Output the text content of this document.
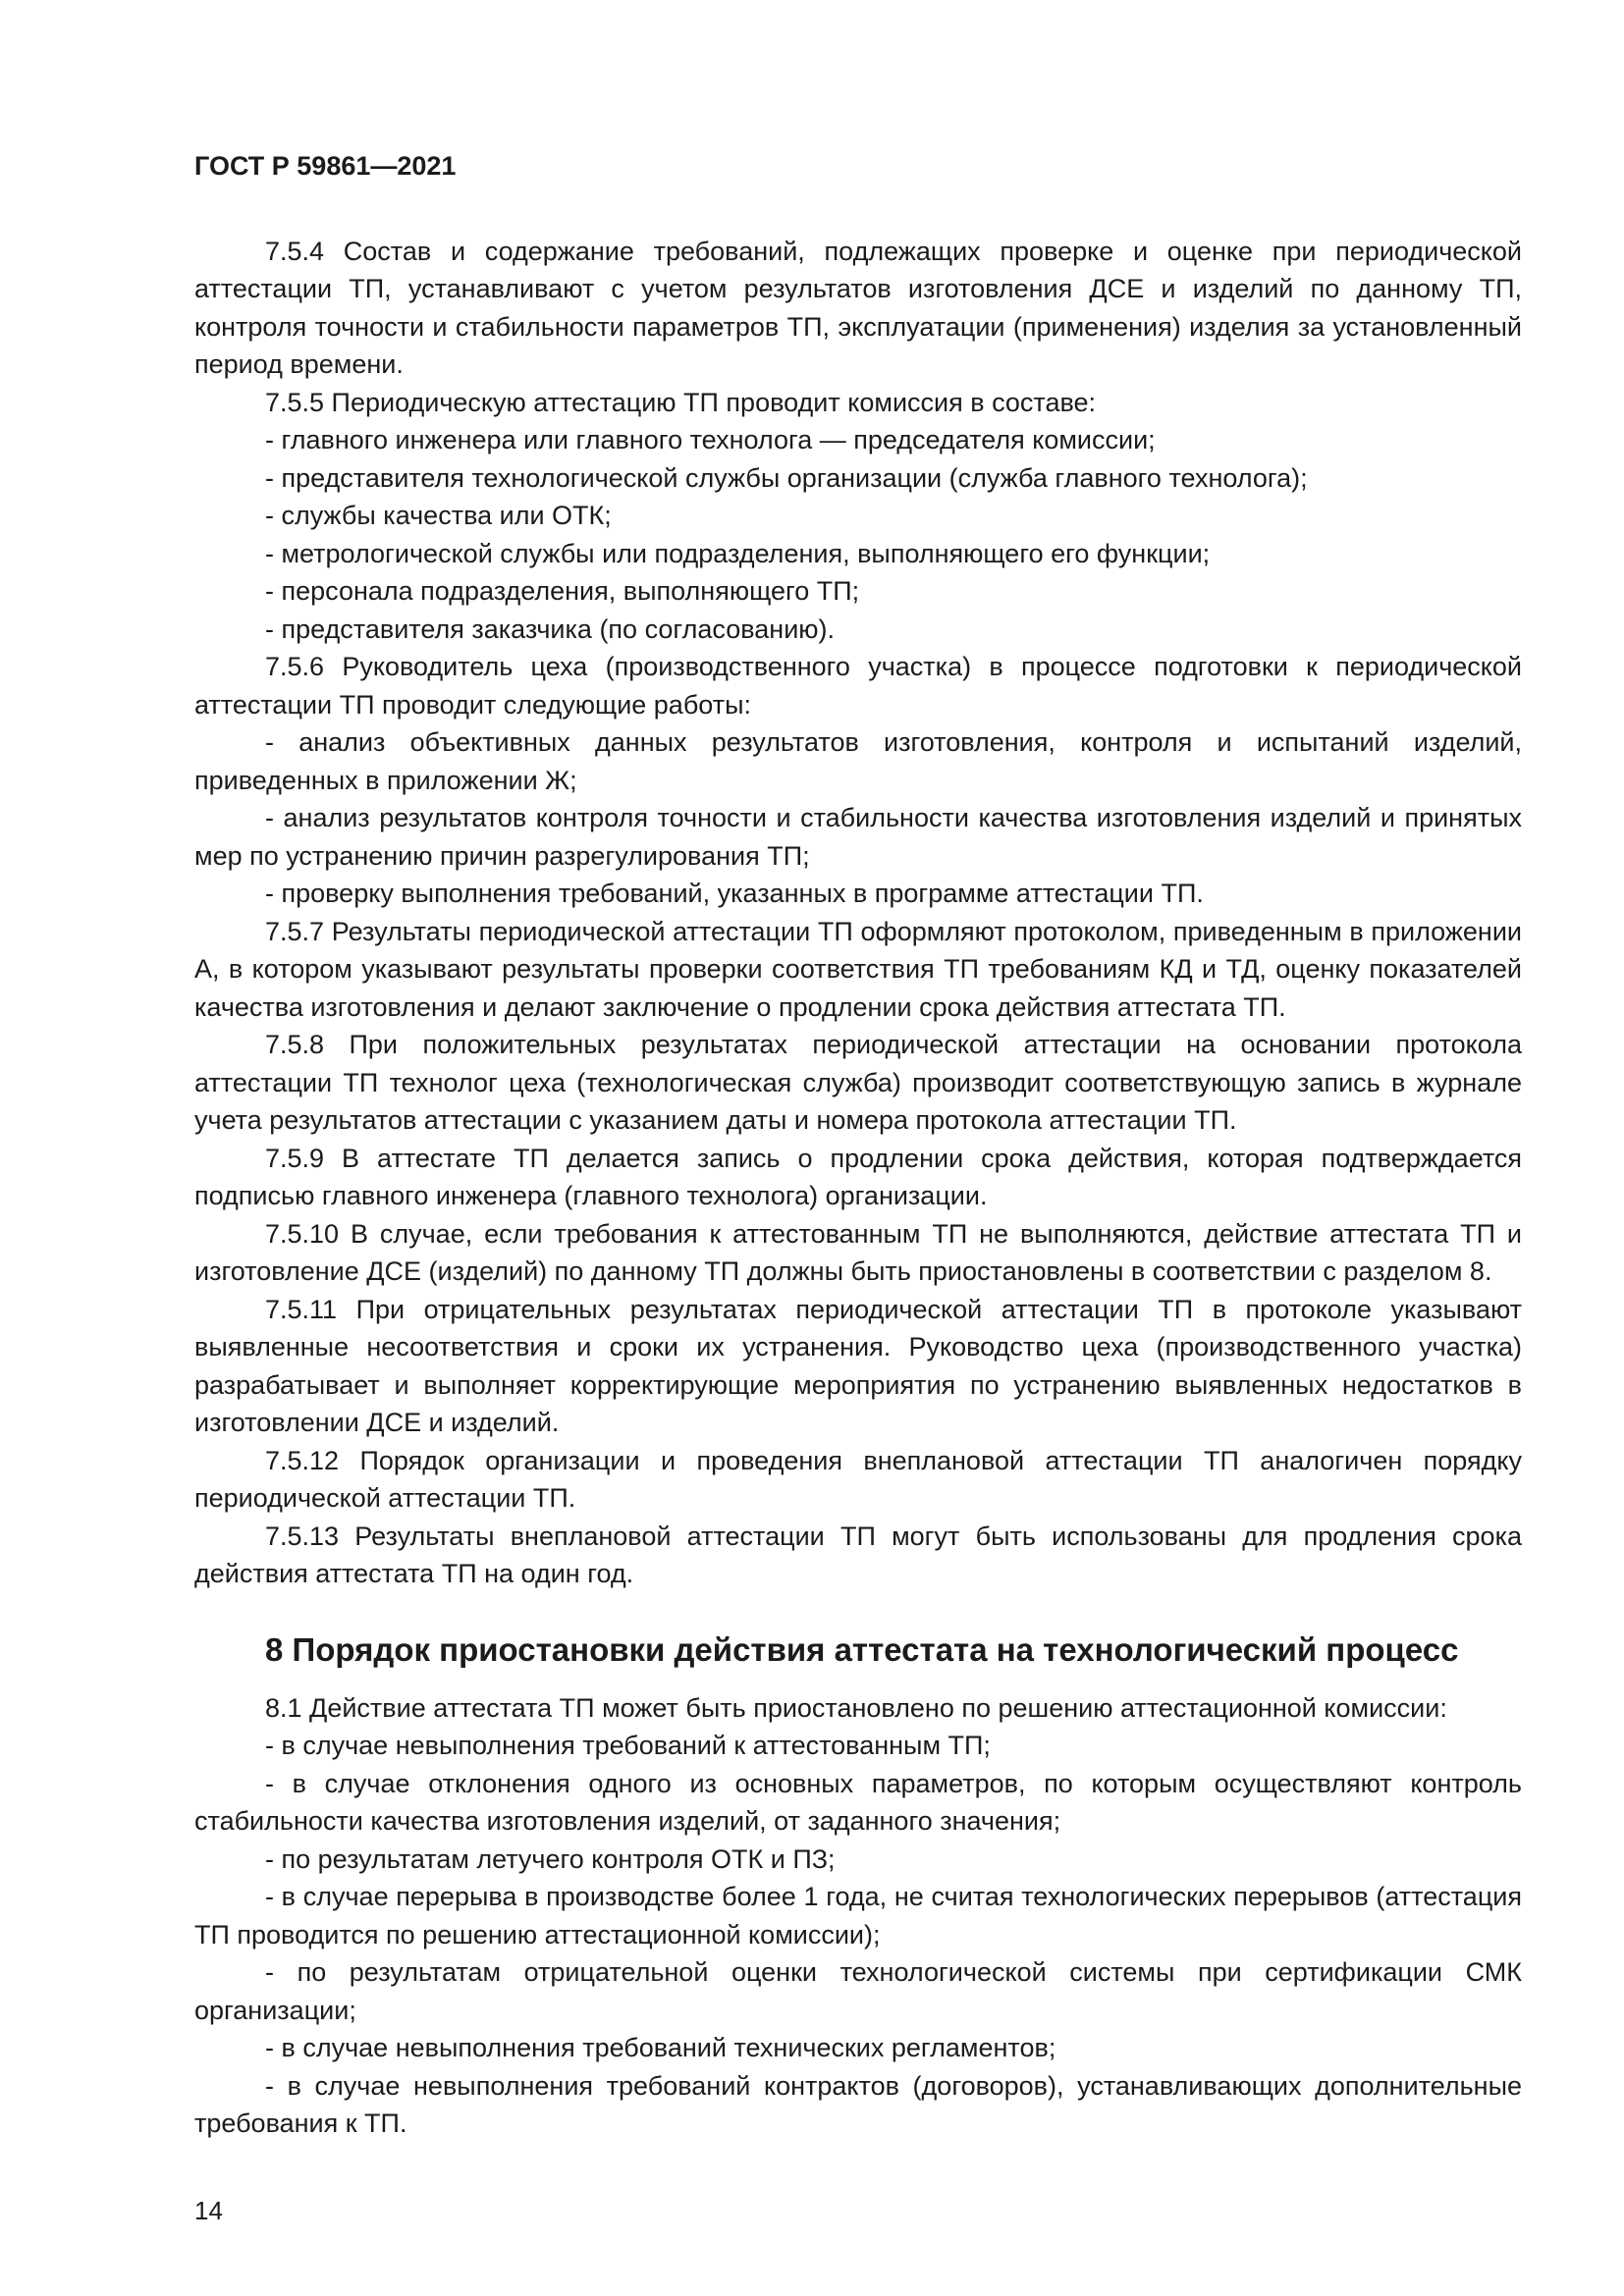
ГОСТ Р 59861—2021

7.5.4 Состав и содержание требований, подлежащих проверке и оценке при периодической аттестации ТП, устанавливают с учетом результатов изготовления ДСЕ и изделий по данному ТП, контроля точности и стабильности параметров ТП, эксплуатации (применения) изделия за установленный период времени.

7.5.5 Периодическую аттестацию ТП проводит комиссия в составе:

- главного инженера или главного технолога — председателя комиссии;

- представителя технологической службы организации (служба главного технолога);

- службы качества или ОТК;

- метрологической службы или подразделения, выполняющего его функции;

- персонала подразделения, выполняющего ТП;

- представителя заказчика (по согласованию).

7.5.6 Руководитель цеха (производственного участка) в процессе подготовки к периодической аттестации ТП проводит следующие работы:

- анализ объективных данных результатов изготовления, контроля и испытаний изделий, приведенных в приложении Ж;

- анализ результатов контроля точности и стабильности качества изготовления изделий и принятых мер по устранению причин разрегулирования ТП;

- проверку выполнения требований, указанных в программе аттестации ТП.

7.5.7 Результаты периодической аттестации ТП оформляют протоколом, приведенным в приложении А, в котором указывают результаты проверки соответствия ТП требованиям КД и ТД, оценку показателей качества изготовления и делают заключение о продлении срока действия аттестата ТП.

7.5.8 При положительных результатах периодической аттестации на основании протокола аттестации ТП технолог цеха (технологическая служба) производит соответствующую запись в журнале учета результатов аттестации с указанием даты и номера протокола аттестации ТП.

7.5.9 В аттестате ТП делается запись о продлении срока действия, которая подтверждается подписью главного инженера (главного технолога) организации.

7.5.10 В случае, если требования к аттестованным ТП не выполняются, действие аттестата ТП и изготовление ДСЕ (изделий) по данному ТП должны быть приостановлены в соответствии с разделом 8.

7.5.11 При отрицательных результатах периодической аттестации ТП в протоколе указывают выявленные несоответствия и сроки их устранения. Руководство цеха (производственного участка) разрабатывает и выполняет корректирующие мероприятия по устранению выявленных недостатков в изготовлении ДСЕ и изделий.

7.5.12 Порядок организации и проведения внеплановой аттестации ТП аналогичен порядку периодической аттестации ТП.

7.5.13 Результаты внеплановой аттестации ТП могут быть использованы для продления срока действия аттестата ТП на один год.

8 Порядок приостановки действия аттестата на технологический процесс

8.1 Действие аттестата ТП может быть приостановлено по решению аттестационной комиссии:

- в случае невыполнения требований к аттестованным ТП;

- в случае отклонения одного из основных параметров, по которым осуществляют контроль стабильности качества изготовления изделий, от заданного значения;

- по результатам летучего контроля ОТК и ПЗ;

- в случае перерыва в производстве более 1 года, не считая технологических перерывов (аттестация ТП проводится по решению аттестационной комиссии);

- по результатам отрицательной оценки технологической системы при сертификации СМК организации;

- в случае невыполнения требований технических регламентов;

- в случае невыполнения требований контрактов (договоров), устанавливающих дополнительные требования к ТП.

14
